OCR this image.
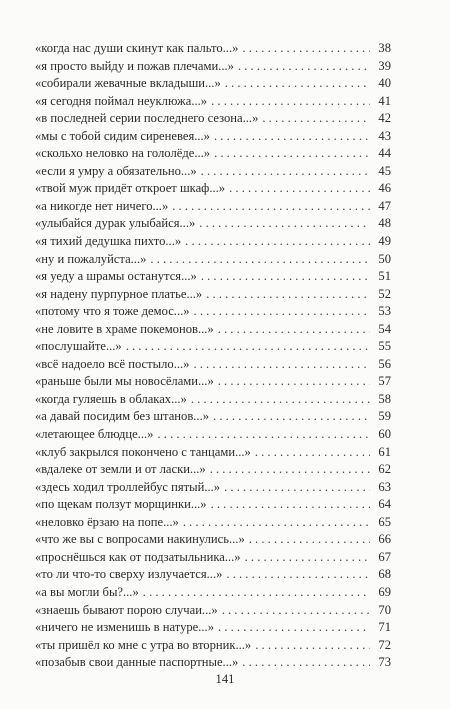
«когда нас души скинут как пальто...» . . .	38
«я просто выйду и пожав плечами...» . . .	39
«собирали жевачные вкладыши...» . . .	40
«я сегодня поймал неуклюжа...» . . .	41
«в последней серии последнего сезона...» . . .	42
«мы с тобой сидим сиреневея...» . . .	43
«скольхо неловко на гололёде...» . . .	44
«если я умру а обязательно...» . . .	45
«твой муж придёт откроет шкаф...» . . .	46
«а никогде нет ничего...» . . .	47
«улыбайся дурак улыбайся...» . . .	48
«я тихий дедушка пихто...» . . .	49
«ну и пожалуйста...» . . .	50
«я уеду а шрамы останутся...» . . .	51
«я надену пурпурное платье...» . . .	52
«потому что я тоже демос...» . . .	53
«не ловите в храме покемонов...» . . .	54
«послушайте...» . . .	55
«всё надоело всё постыло...» . . .	56
«раньше были мы новосёлами...» . . .	57
«когда гуляешь в облаках...» . . .	58
«а давай посидим без штанов...» . . .	59
«летающее блюдце...» . . .	60
«клуб закрылся покончено с танцами...» . . .	61
«вдалеке от земли и от ласки...» . . .	62
«здесь ходил троллейбус пятый...» . . .	63
«по щекам ползут морщинки...» . . .	64
«неловко ёрзаю на попе...» . . .	65
«что же вы с вопросами накинулись...» . . .	66
«проснёшься как от подзатыльника...» . . .	67
«то ли что-то сверху излучается...» . . .	68
«а вы могли бы?...» . . .	69
«знаешь бывают порою случаи...» . . .	70
«ничего не изменишь в натуре...» . . .	71
«ты пришёл ко мне с утра во вторник...» . . .	72
«позабыв свои данные паспортные...» . . .	73
141
